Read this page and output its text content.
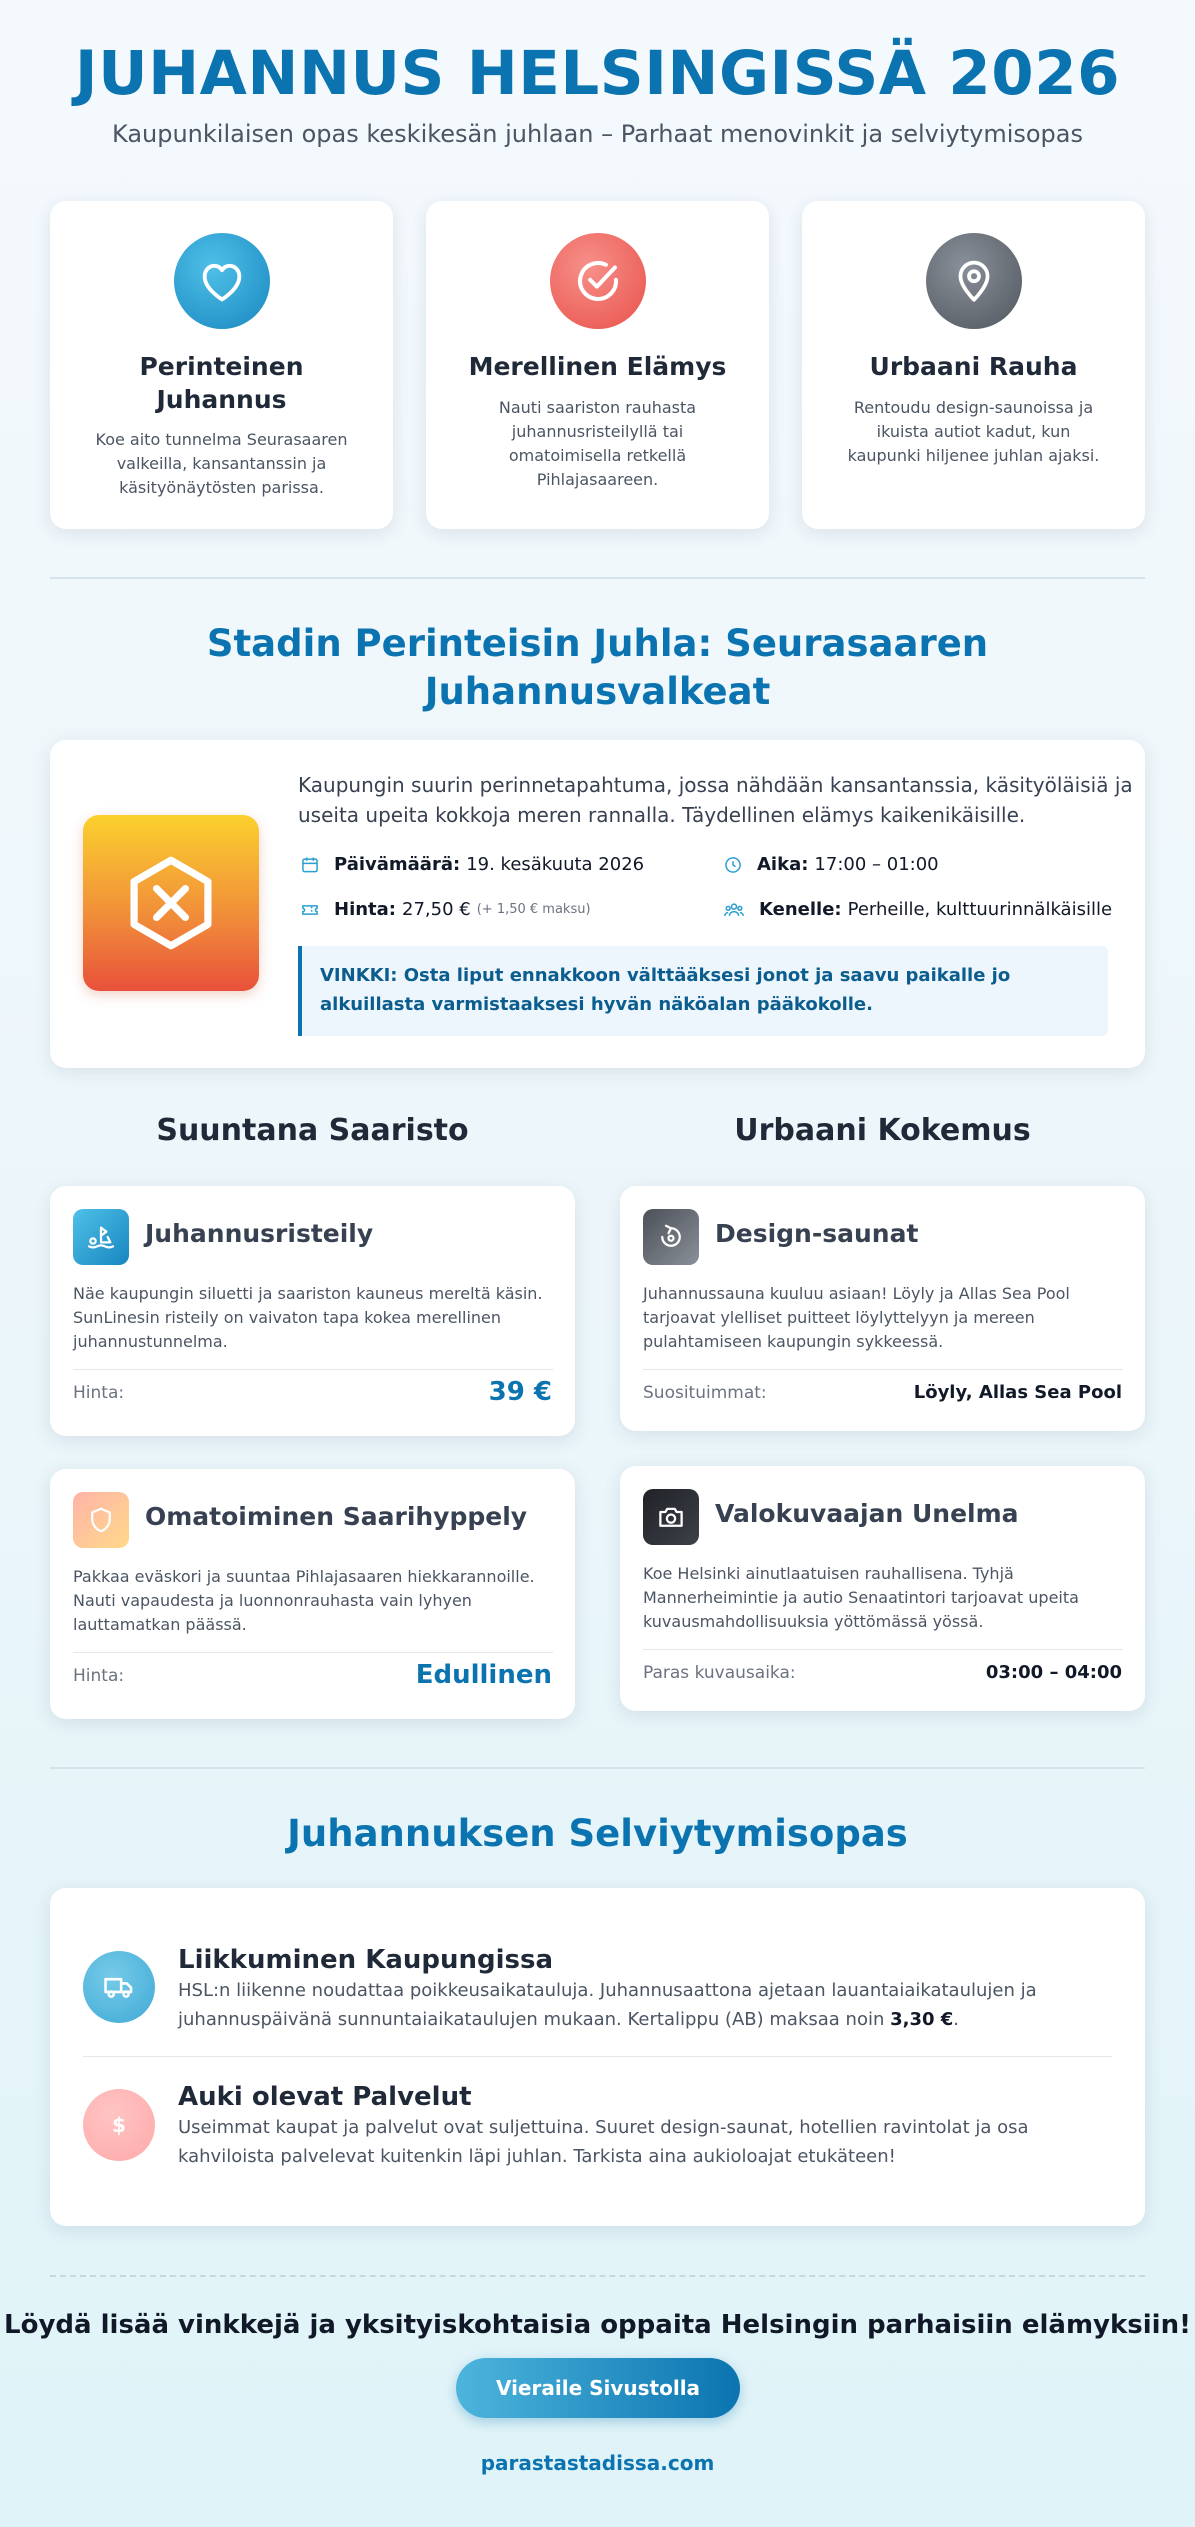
JUHANNUS HELSINGISSÄ 2026

Kaupunkilaisen opas keskikesän juhlaan – Parhaat menovinkit ja selviytymisopas

Perinteinen Juhannus
Koe aito tunnelma Seurasaaren valkeilla, kansantanssin ja käsityönäytösten parissa.
Merellinen Elämys
Nauti saariston rauhasta juhannusristeilyllä tai omatoimisella retkellä Pihlajasaareen.
Urbaani Rauha
Rentoudu design-saunoissa ja ikuista autiot kadut, kun kaupunki hiljenee juhlan ajaksi.
Stadin Perinteisin Juhla: Seurasaaren
Juhannusvalkeat

Kaupungin suurin perinnetapahtuma, jossa nähdään kansantanssia, käsityöläisiä ja useita upeita kokkoja meren rannalla. Täydellinen elämys kaikenikäisille.

Päivämäärä: 19. kesäkuuta 2026	Aika: 17:00 – 01:00
Hinta: 27,50 € (+ 1,50 € maksu)	Kenelle: Perheille, kulttuurinnälkäisille
VINKKI: Osta liput ennakkoon välttääksesi jonot ja saavu paikalle jo alkuillasta varmistaaksesi hyvän näköalan pääkokolle.
Suuntana Saaristo	Urbaani Kokemus
Juhannusristeily
Näe kaupungin siluetti ja saariston kauneus mereltä käsin. SunLinesin risteily on vaivaton tapa kokea merellinen juhannustunnelma.
Hinta:	39 €
Omatoiminen Saarihyppely
Pakkaa eväskori ja suuntaa Pihlajasaaren hiekkarannoille. Nauti vapaudesta ja luonnonrauhasta vain lyhyen lauttamatkan päässä.
Hinta:	Edullinen
Design-saunat
Juhannussauna kuuluu asiaan! Löyly ja Allas Sea Pool tarjoavat ylelliset puitteet löylyttelyyn ja mereen pulahtamiseen kaupungin sykkeessä.
Suosituimmat:	Löyly, Allas Sea Pool
Valokuvaajan Unelma
Koe Helsinki ainutlaatuisen rauhallisena. Tyhjä Mannerheimintie ja autio Senaatintori tarjoavat upeita kuvausmahdollisuuksia yöttömässä yössä.
Paras kuvausaika:	03:00 – 04:00
Juhannuksen Selviytymisopas
Liikkuminen Kaupungissa
HSL:n liikenne noudattaa poikkeusaikatauluja. Juhannusaattona ajetaan lauantaiaikataulujen ja juhannuspäivänä sunnuntaiaikataulujen mukaan. Kertalippu (AB) maksaa noin 3,30 €.
$
Auki olevat Palvelut
Useimmat kaupat ja palvelut ovat suljettuina. Suuret design-saunat, hotellien ravintolat ja osa kahviloista palvelevat kuitenkin läpi juhlan. Tarkista aina aukioloajat etukäteen!

Löydä lisää vinkkejä ja yksityiskohtaisia oppaita Helsingin parhaisiin elämyksiin!

Vieraile Sivustolla
parastastadissa.com
